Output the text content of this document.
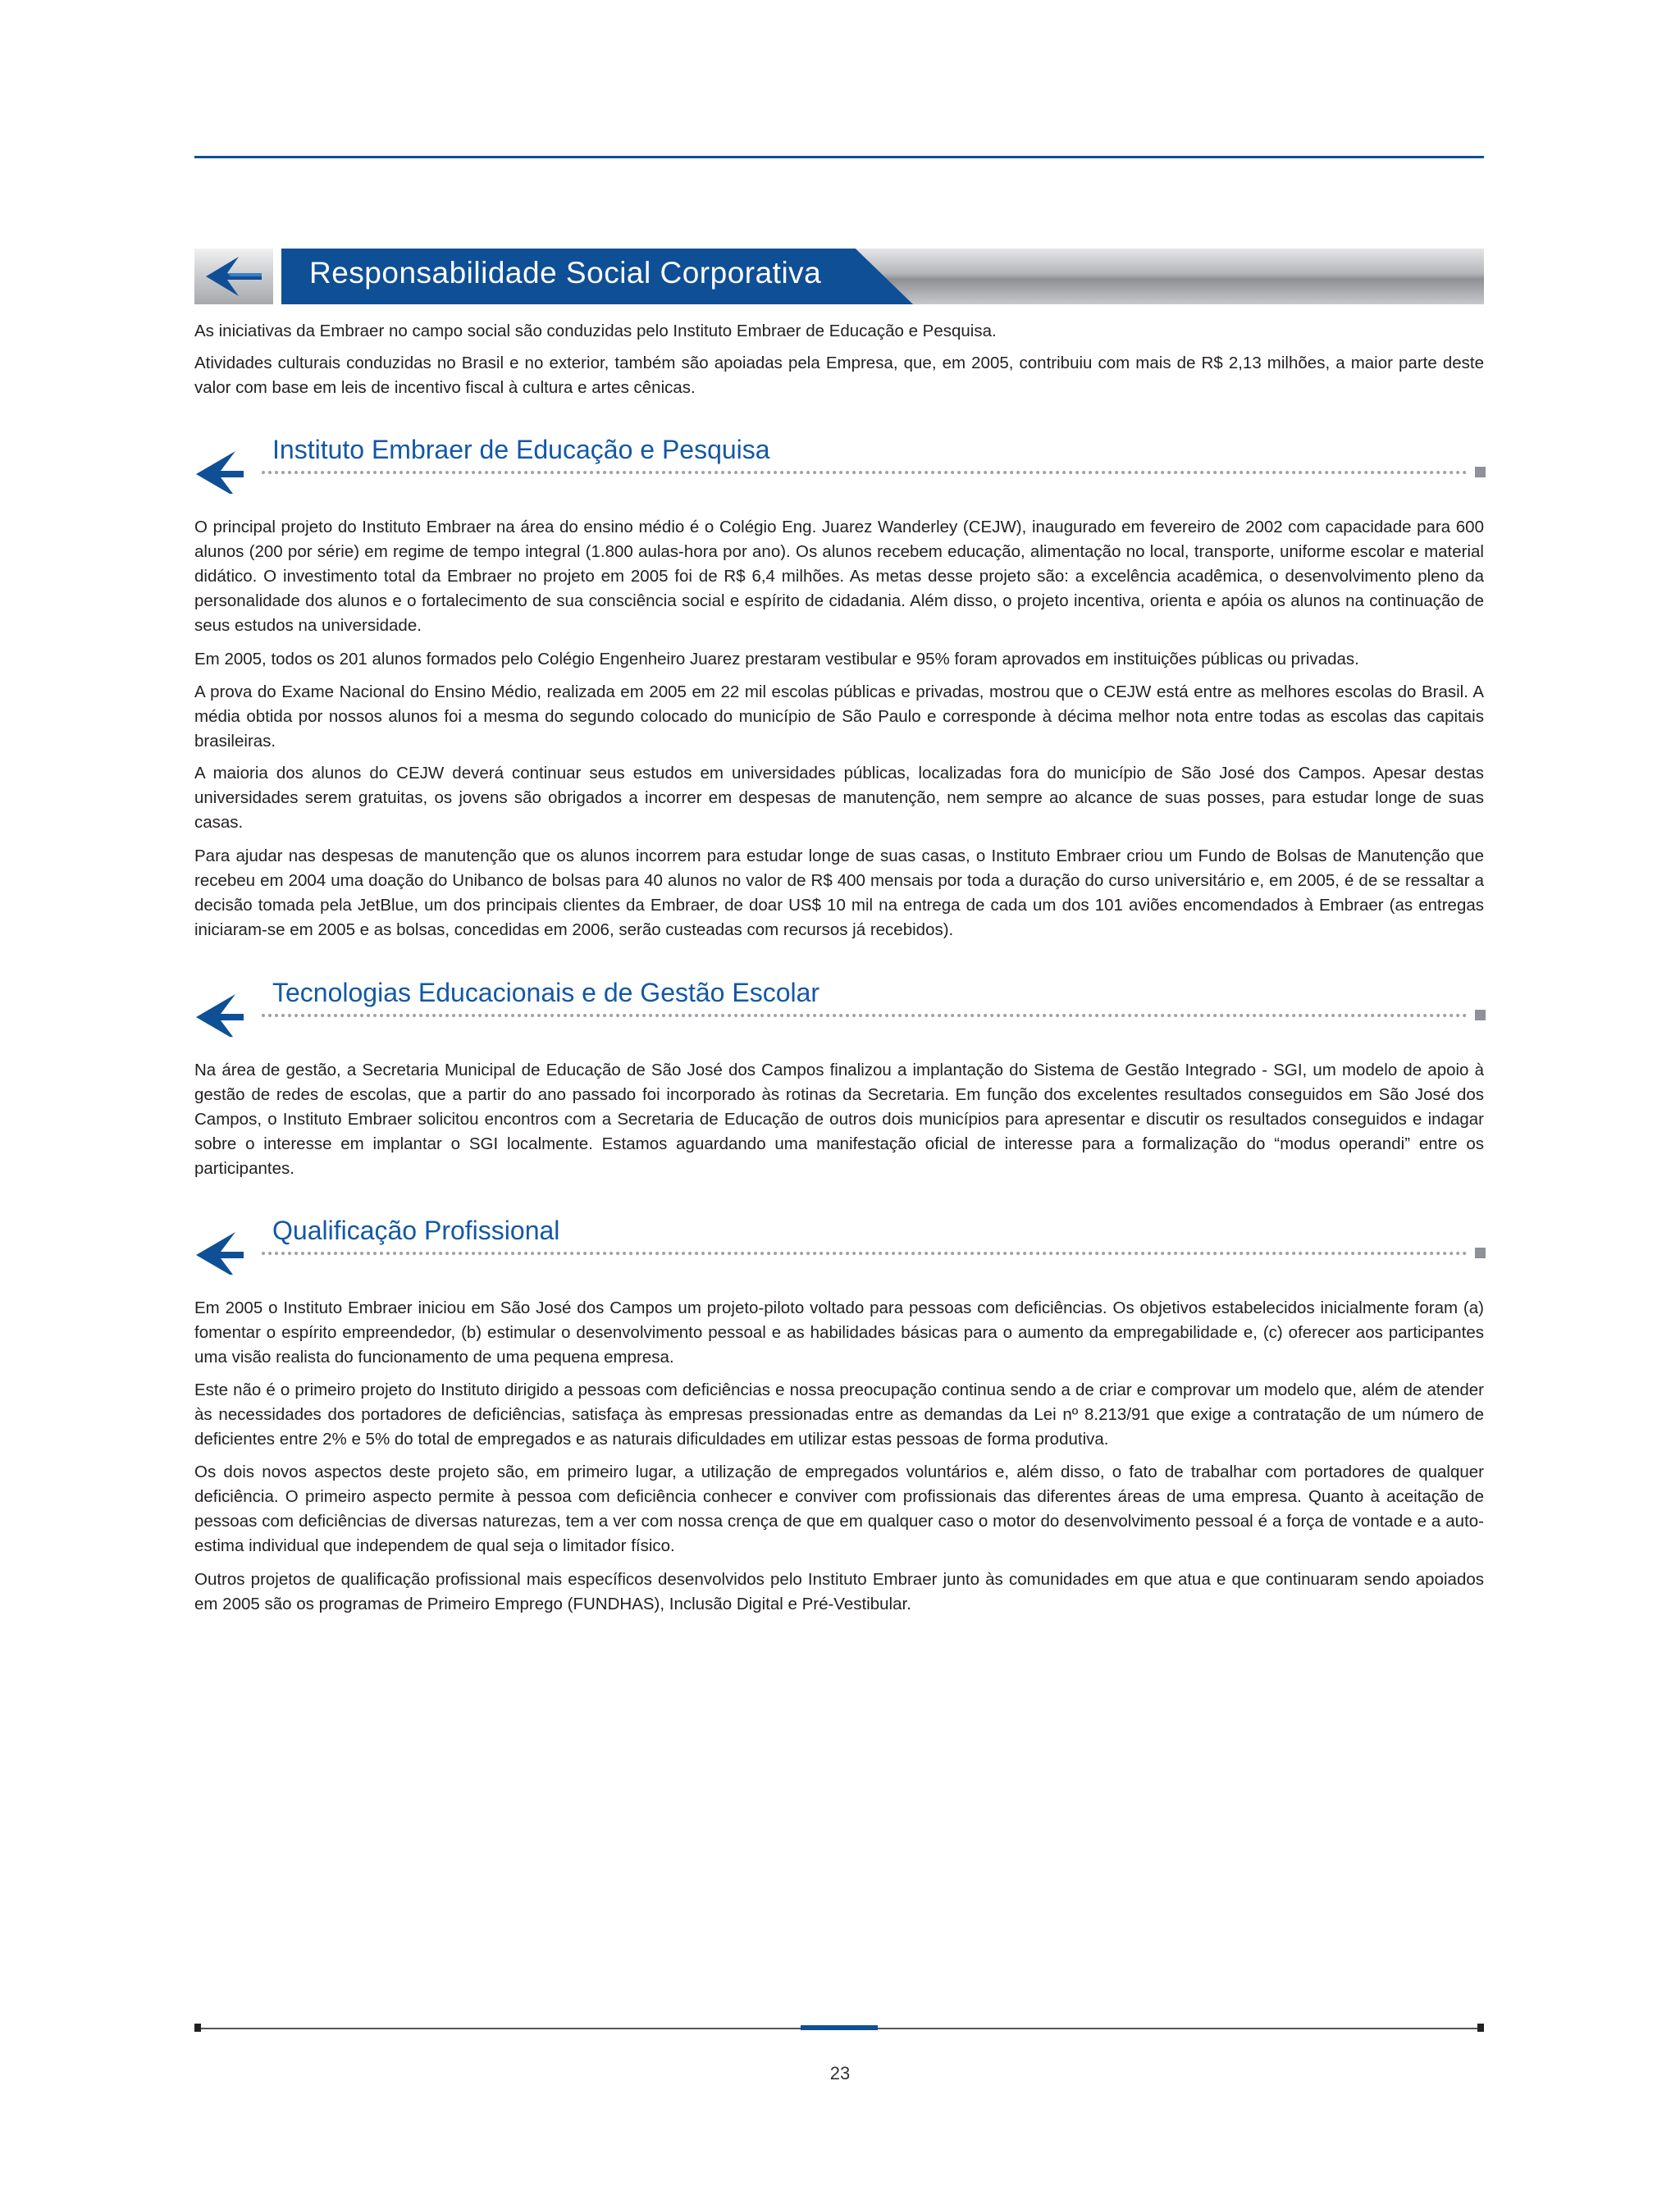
Responsabilidade Social Corporativa

As iniciativas da Embraer no campo social são conduzidas pelo Instituto Embraer de Educação e Pesquisa.

Atividades culturais conduzidas no Brasil e no exterior, também são apoiadas pela Empresa, que, em 2005, contribuiu com mais de R$ 2,13 milhões, a maior parte deste valor com base em leis de incentivo fiscal à cultura e artes cênicas.

Instituto Embraer de Educação e Pesquisa

O principal projeto do Instituto Embraer na área do ensino médio é o Colégio Eng. Juarez Wanderley (CEJW), inaugurado em fevereiro de 2002 com capacidade para 600 alunos (200 por série) em regime de tempo integral (1.800 aulas-hora por ano). Os alunos recebem educação, alimentação no local, transporte, uniforme escolar e material didático. O investimento total da Embraer no projeto em 2005 foi de R$ 6,4 milhões. As metas desse projeto são: a excelência acadêmica, o desenvolvimento pleno da personalidade dos alunos e o fortalecimento de sua consciência social e espírito de cidadania. Além disso, o projeto incentiva, orienta e apóia os alunos na continuação de seus estudos na universidade.

Em 2005, todos os 201 alunos formados pelo Colégio Engenheiro Juarez prestaram vestibular e 95% foram aprovados em instituições públicas ou privadas.

A prova do Exame Nacional do Ensino Médio, realizada em 2005 em 22 mil escolas públicas e privadas, mostrou que o CEJW está entre as melhores escolas do Brasil. A média obtida por nossos alunos foi a mesma do segundo colocado do município de São Paulo e corresponde à décima melhor nota entre todas as escolas das capitais brasileiras.

A maioria dos alunos do CEJW deverá continuar seus estudos em universidades públicas, localizadas fora do município de São José dos Campos. Apesar destas universidades serem gratuitas, os jovens são obrigados a incorrer em despesas de manutenção, nem sempre ao alcance de suas posses, para estudar longe de suas casas.

Para ajudar nas despesas de manutenção que os alunos incorrem para estudar longe de suas casas, o Instituto Embraer criou um Fundo de Bolsas de Manutenção que recebeu em 2004 uma doação do Unibanco de bolsas para 40 alunos no valor de R$ 400 mensais por toda a duração do curso universitário e, em 2005, é de se ressaltar a decisão tomada pela JetBlue, um dos principais clientes da Embraer, de doar US$ 10 mil na entrega de cada um dos 101 aviões encomendados à Embraer (as entregas iniciaram-se em 2005 e as bolsas, concedidas em 2006, serão custeadas com recursos já recebidos).

Tecnologias Educacionais e de Gestão Escolar

Na área de gestão, a Secretaria Municipal de Educação de São José dos Campos finalizou a implantação do Sistema de Gestão Integrado - SGI, um modelo de apoio à gestão de redes de escolas, que a partir do ano passado foi incorporado às rotinas da Secretaria. Em função dos excelentes resultados conseguidos em São José dos Campos, o Instituto Embraer solicitou encontros com a Secretaria de Educação de outros dois municípios para apresentar e discutir os resultados conseguidos e indagar sobre o interesse em implantar o SGI localmente. Estamos aguardando uma manifestação oficial de interesse para a formalização do “modus operandi” entre os participantes.

Qualificação Profissional

Em 2005 o Instituto Embraer iniciou em São José dos Campos um projeto-piloto voltado para pessoas com deficiências. Os objetivos estabelecidos inicialmente foram (a) fomentar o espírito empreendedor, (b) estimular o desenvolvimento pessoal e as habilidades básicas para o aumento da empregabilidade e, (c) oferecer aos participantes uma visão realista do funcionamento de uma pequena empresa.

Este não é o primeiro projeto do Instituto dirigido a pessoas com deficiências e nossa preocupação continua sendo a de criar e comprovar um modelo que, além de atender às necessidades dos portadores de deficiências, satisfaça às empresas pressionadas entre as demandas da Lei nº 8.213/91 que exige a contratação de um número de deficientes entre 2% e 5% do total de empregados e as naturais dificuldades em utilizar estas pessoas de forma produtiva.

Os dois novos aspectos deste projeto são, em primeiro lugar, a utilização de empregados voluntários e, além disso, o fato de trabalhar com portadores de qualquer deficiência. O primeiro aspecto permite à pessoa com deficiência conhecer e conviver com profissionais das diferentes áreas de uma empresa. Quanto à aceitação de pessoas com deficiências de diversas naturezas, tem a ver com nossa crença de que em qualquer caso o motor do desenvolvimento pessoal é a força de vontade e a auto-estima individual que independem de qual seja o limitador físico.

Outros projetos de qualificação profissional mais específicos desenvolvidos pelo Instituto Embraer junto às comunidades em que atua e que continuaram sendo apoiados em 2005 são os programas de Primeiro Emprego (FUNDHAS), Inclusão Digital e Pré-Vestibular.

23
